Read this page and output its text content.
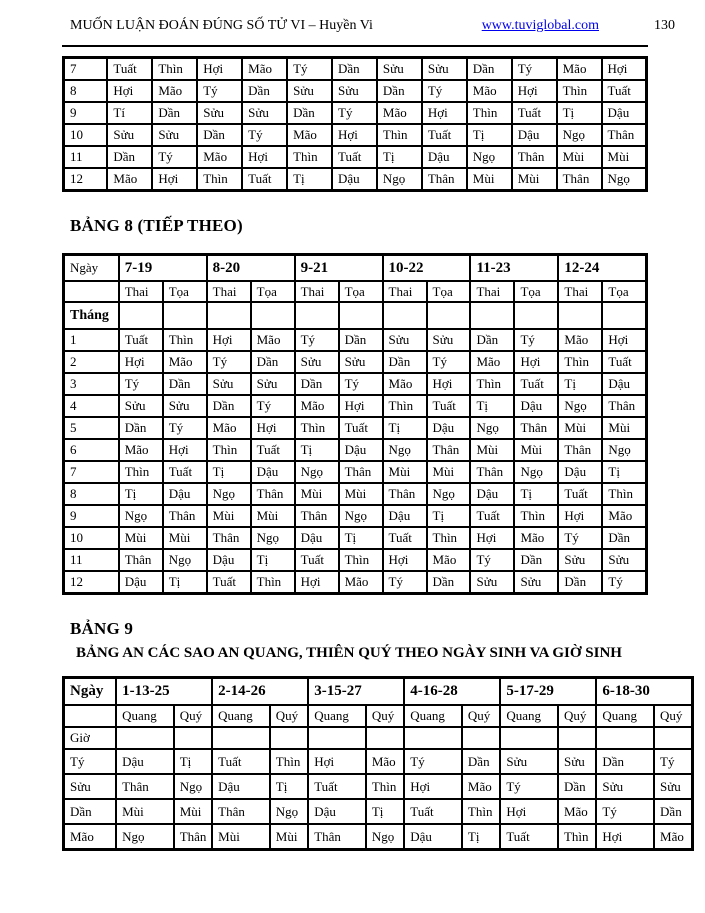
MUỐN LUẬN ĐOÁN ĐÚNG SỐ TỬ VI – Huyền Vi	www.tuviglobal.com	130
7	Tuất	Thìn	Hợi	Mão	Tý	Dần	Sửu	Sửu	Dần	Tý	Mão	Hợi
8	Hợi	Mão	Tý	Dần	Sửu	Sửu	Dần	Tý	Mão	Hợi	Thìn	Tuất
9	Tí	Dần	Sửu	Sửu	Dần	Tý	Mão	Hợi	Thìn	Tuất	Tị	Dậu
10	Sửu	Sửu	Dần	Tý	Mão	Hợi	Thìn	Tuất	Tị	Dậu	Ngọ	Thân
11	Dần	Tý	Mão	Hợi	Thìn	Tuất	Tị	Dậu	Ngọ	Thân	Mùi	Mùi
12	Mão	Hợi	Thìn	Tuất	Tị	Dậu	Ngọ	Thân	Mùi	Mùi	Thân	Ngọ
BẢNG 8 (TIẾP THEO)
Ngày	7-19		8-20		9-21		10-22		11-23		12-24	
	Thai	Tọa	Thai	Tọa	Thai	Tọa	Thai	Tọa	Thai	Tọa	Thai	Tọa
Tháng												
1	Tuất	Thìn	Hợi	Mão	Tý	Dần	Sửu	Sửu	Dần	Tý	Mão	Hợi
2	Hợi	Mão	Tý	Dần	Sửu	Sửu	Dần	Tý	Mão	Hợi	Thìn	Tuất
3	Tý	Dần	Sửu	Sửu	Dần	Tý	Mão	Hợi	Thìn	Tuất	Tị	Dậu
4	Sửu	Sửu	Dần	Tý	Mão	Hợi	Thìn	Tuất	Tị	Dậu	Ngọ	Thân
5	Dần	Tý	Mão	Hợi	Thìn	Tuất	Tị	Dậu	Ngọ	Thân	Mùi	Mùi
6	Mão	Hợi	Thìn	Tuất	Tị	Dậu	Ngọ	Thân	Mùi	Mùi	Thân	Ngọ
7	Thìn	Tuất	Tị	Dậu	Ngọ	Thân	Mùi	Mùi	Thân	Ngọ	Dậu	Tị
8	Tị	Dậu	Ngọ	Thân	Mùi	Mùi	Thân	Ngọ	Dậu	Tị	Tuất	Thìn
9	Ngọ	Thân	Mùi	Mùi	Thân	Ngọ	Dậu	Tị	Tuất	Thìn	Hợi	Mão
10	Mùi	Mùi	Thân	Ngọ	Dậu	Tị	Tuất	Thìn	Hợi	Mão	Tý	Dần
11	Thân	Ngọ	Dậu	Tị	Tuất	Thìn	Hợi	Mão	Tý	Dần	Sửu	Sửu
12	Dậu	Tị	Tuất	Thìn	Hợi	Mão	Tý	Dần	Sửu	Sửu	Dần	Tý
BẢNG 9
BẢNG AN CÁC SAO AN QUANG, THIÊN QUÝ THEO NGÀY SINH VA GIỜ SINH
Ngày	1-13-25		2-14-26		3-15-27		4-16-28		5-17-29		6-18-30	
	Quang	Quý	Quang	Quý	Quang	Quý	Quang	Quý	Quang	Quý	Quang	Quý
Giờ												
Tý	Dậu	Tị	Tuất	Thìn	Hợi	Mão	Tý	Dần	Sửu	Sửu	Dần	Tý
Sửu	Thân	Ngọ	Dậu	Tị	Tuất	Thìn	Hợi	Mão	Tý	Dần	Sửu	Sửu
Dần	Mùi	Mùi	Thân	Ngọ	Dậu	Tị	Tuất	Thìn	Hợi	Mão	Tý	Dần
Mão	Ngọ	Thân	Mùi	Mùi	Thân	Ngọ	Dậu	Tị	Tuất	Thìn	Hợi	Mão
